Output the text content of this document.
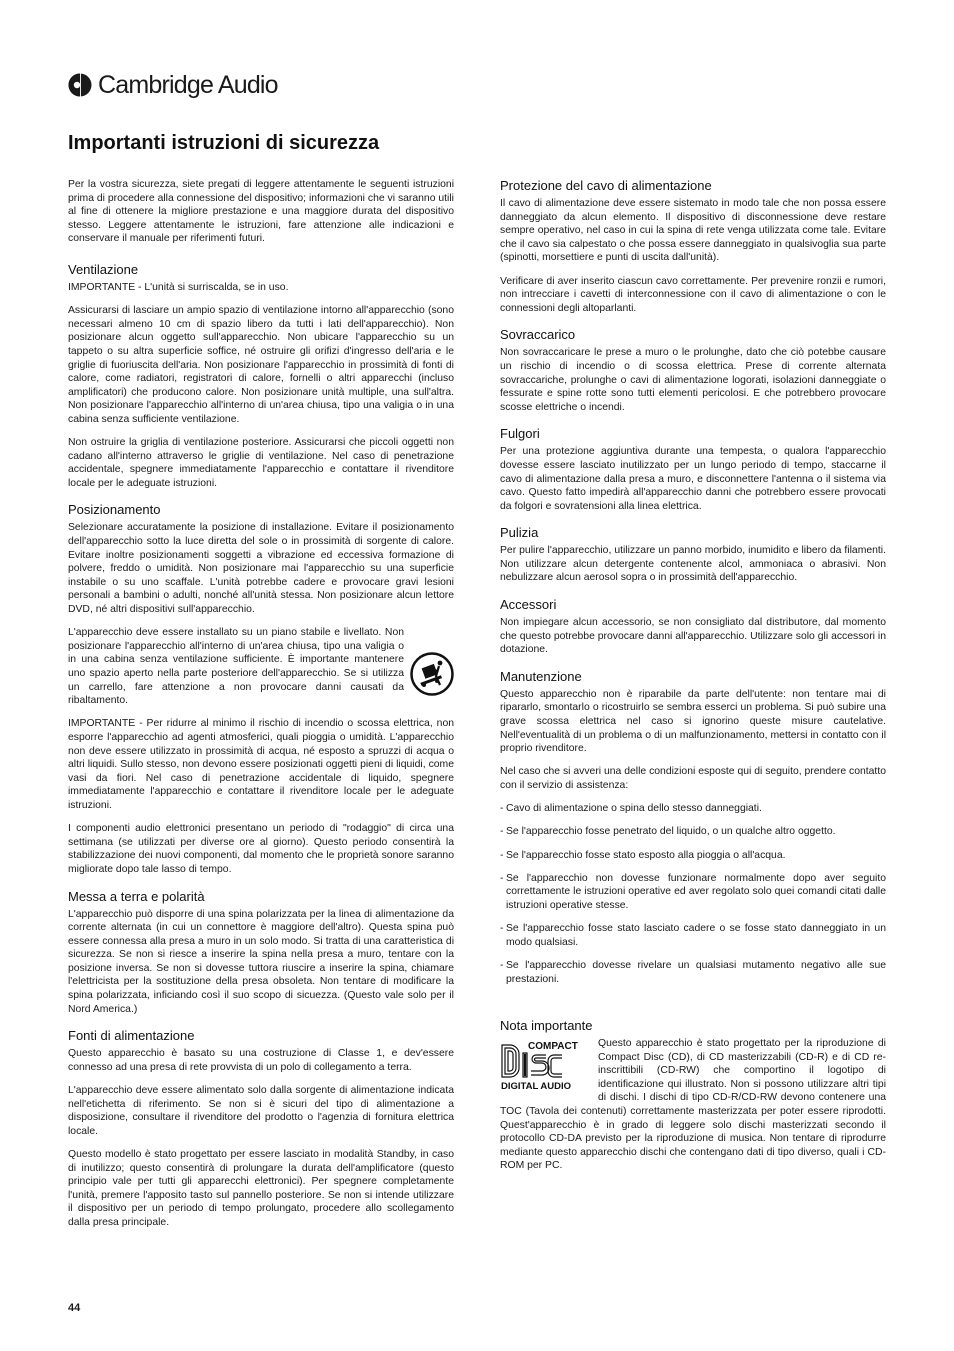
Cambridge Audio
Importanti istruzioni di sicurezza

Per la vostra sicurezza, siete pregati di leggere attentamente le seguenti istruzioni prima di procedere alla connessione del dispositivo; informazioni che vi saranno utili al fine di ottenere la migliore prestazione e una maggiore durata del dispositivo stesso. Leggere attentamente le istruzioni, fare attenzione alle indicazioni e conservare il manuale per riferimenti futuri.

Ventilazione

IMPORTANTE - L'unità si surriscalda, se in uso.

Assicurarsi di lasciare un ampio spazio di ventilazione intorno all'apparecchio (sono necessari almeno 10 cm di spazio libero da tutti i lati dell'apparecchio). Non posizionare alcun oggetto sull'apparecchio. Non ubicare l'apparecchio su un tappeto o su altra superficie soffice, né ostruire gli orifizi d'ingresso dell'aria e le griglie di fuoriuscita dell'aria. Non posizionare l'apparecchio in prossimità di fonti di calore, come radiatori, registratori di calore, fornelli o altri apparecchi (incluso amplificatori) che producono calore. Non posizionare unità multiple, una sull'altra. Non posizionare l'apparecchio all'interno di un'area chiusa, tipo una valigia o in una cabina senza sufficiente ventilazione.

Non ostruire la griglia di ventilazione posteriore. Assicurarsi che piccoli oggetti non cadano all'interno attraverso le griglie di ventilazione. Nel caso di penetrazione accidentale, spegnere immediatamente l'apparecchio e contattare il rivenditore locale per le adeguate istruzioni.

Posizionamento

Selezionare accuratamente la posizione di installazione. Evitare il posizionamento dell'apparecchio sotto la luce diretta del sole o in prossimità di sorgente di calore. Evitare inoltre posizionamenti soggetti a vibrazione ed eccessiva formazione di polvere, freddo o umidità. Non posizionare mai l'apparecchio su una superficie instabile o su uno scaffale. L'unità potrebbe cadere e provocare gravi lesioni personali a bambini o adulti, nonché all'unità stessa. Non posizionare alcun lettore DVD, né altri dispositivi sull'apparecchio.

L'apparecchio deve essere installato su un piano stabile e livellato. Non posizionare l'apparecchio all'interno di un'area chiusa, tipo una valigia o in una cabina senza ventilazione sufficiente. È importante mantenere uno spazio aperto nella parte posteriore dell'apparecchio. Se si utilizza un carrello, fare attenzione a non provocare danni causati da ribaltamento.

IMPORTANTE - Per ridurre al minimo il rischio di incendio o scossa elettrica, non esporre l'apparecchio ad agenti atmosferici, quali pioggia o umidità. L'apparecchio non deve essere utilizzato in prossimità di acqua, né esposto a spruzzi di acqua o altri liquidi. Sullo stesso, non devono essere posizionati oggetti pieni di liquidi, come vasi da fiori. Nel caso di penetrazione accidentale di liquido, spegnere immediatamente l'apparecchio e contattare il rivenditore locale per le adeguate istruzioni.

I componenti audio elettronici presentano un periodo di "rodaggio" di circa una settimana (se utilizzati per diverse ore al giorno). Questo periodo consentirà la stabilizzazione dei nuovi componenti, dal momento che le proprietà sonore saranno migliorate dopo tale lasso di tempo.

Messa a terra e polarità

L'apparecchio può disporre di una spina polarizzata per la linea di alimentazione da corrente alternata (in cui un connettore è maggiore dell'altro). Questa spina può essere connessa alla presa a muro in un solo modo. Si tratta di una caratteristica di sicurezza. Se non si riesce a inserire la spina nella presa a muro, tentare con la posizione inversa. Se non si dovesse tuttora riuscire a inserire la spina, chiamare l'elettricista per la sostituzione della presa obsoleta. Non tentare di modificare la spina polarizzata, inficiando così il suo scopo di sicuezza. (Questo vale solo per il Nord America.)

Fonti di alimentazione

Questo apparecchio è basato su una costruzione di Classe 1, e dev'essere connesso ad una presa di rete provvista di un polo di collegamento a terra.

L'apparecchio deve essere alimentato solo dalla sorgente di alimentazione indicata nell'etichetta di riferimento. Se non si è sicuri del tipo di alimentazione a disposizione, consultare il rivenditore del prodotto o l'agenzia di fornitura elettrica locale.

Questo modello è stato progettato per essere lasciato in modalità Standby, in caso di inutilizzo; questo consentirà di prolungare la durata dell'amplificatore (questo principio vale per tutti gli apparecchi elettronici). Per spegnere completamente l'unità, premere l'apposito tasto sul pannello posteriore. Se non si intende utilizzare il dispositivo per un periodo di tempo prolungato, procedere allo scollegamento dalla presa principale.

Protezione del cavo di alimentazione

Il cavo di alimentazione deve essere sistemato in modo tale che non possa essere danneggiato da alcun elemento. Il dispositivo di disconnessione deve restare sempre operativo, nel caso in cui la spina di rete venga utilizzata come tale. Evitare che il cavo sia calpestato o che possa essere danneggiato in qualsivoglia sua parte (spinotti, morsettiere e punti di uscita dall'unità).

Verificare di aver inserito ciascun cavo correttamente. Per prevenire ronzii e rumori, non intrecciare i cavetti di interconnessione con il cavo di alimentazione o con le connessioni degli altoparlanti.

Sovraccarico

Non sovraccaricare le prese a muro o le prolunghe, dato che ciò potebbe causare un rischio di incendio o di scossa elettrica. Prese di corrente alternata sovraccariche, prolunghe o cavi di alimentazione logorati, isolazioni danneggiate o fessurate e spine rotte sono tutti elementi pericolosi. E che potrebbero provocare scosse elettriche o incendi.

Fulgori

Per una protezione aggiuntiva durante una tempesta, o qualora l'apparecchio dovesse essere lasciato inutilizzato per un lungo periodo di tempo, staccarne il cavo di alimentazione dalla presa a muro, e disconnettere l'antenna o il sistema via cavo. Questo fatto impedirà all'apparecchio danni che potrebbero essere provocati da folgori e sovratensioni alla linea elettrica.

Pulizia

Per pulire l'apparecchio, utilizzare un panno morbido, inumidito e libero da filamenti. Non utilizzare alcun detergente contenente alcol, ammoniaca o abrasivi. Non nebulizzare alcun aerosol sopra o in prossimità dell'apparecchio.

Accessori

Non impiegare alcun accessorio, se non consigliato dal distributore, dal momento che questo potrebbe provocare danni all'apparecchio. Utilizzare solo gli accessori in dotazione.

Manutenzione

Questo apparecchio non è riparabile da parte dell'utente: non tentare mai di ripararlo, smontarlo o ricostruirlo se sembra esserci un problema. Si può subire una grave scossa elettrica nel caso si ignorino queste misure cautelative. Nell'eventualità di un problema o di un malfunzionamento, mettersi in contatto con il proprio rivenditore.

Nel caso che si avveri una delle condizioni esposte qui di seguito, prendere contatto con il servizio di assistenza:

- Cavo di alimentazione o spina dello stesso danneggiati.
- Se l'apparecchio fosse penetrato del liquido, o un qualche altro oggetto.
- Se l'apparecchio fosse stato esposto alla pioggia o all'acqua.
- Se l'apparecchio non dovesse funzionare normalmente dopo aver seguito correttamente le istruzioni operative ed aver regolato solo quei comandi citati dalle istruzioni operative stesse.
- Se l'apparecchio fosse stato lasciato cadere o se fosse stato danneggiato in un modo qualsiasi.
- Se l'apparecchio dovesse rivelare un qualsiasi mutamento negativo alle sue prestazioni.
Nota importante
COMPACT
DIGITAL AUDIO

Questo apparecchio è stato progettato per la riproduzione di Compact Disc (CD), di CD masterizzabili (CD-R) e di CD re-inscrittibili (CD-RW) che comportino il logotipo di identificazione qui illustrato. Non si possono utilizzare altri tipi di dischi. I dischi di tipo CD-R/CD-RW devono contenere una TOC (Tavola dei contenuti) correttamente masterizzata per poter essere riprodotti. Quest'apparecchio è in grado di leggere solo dischi masterizzati secondo il protocollo CD-DA previsto per la riproduzione di musica. Non tentare di riprodurre mediante questo apparecchio dischi che contengano dati di tipo diverso, quali i CD-ROM per PC.

44
